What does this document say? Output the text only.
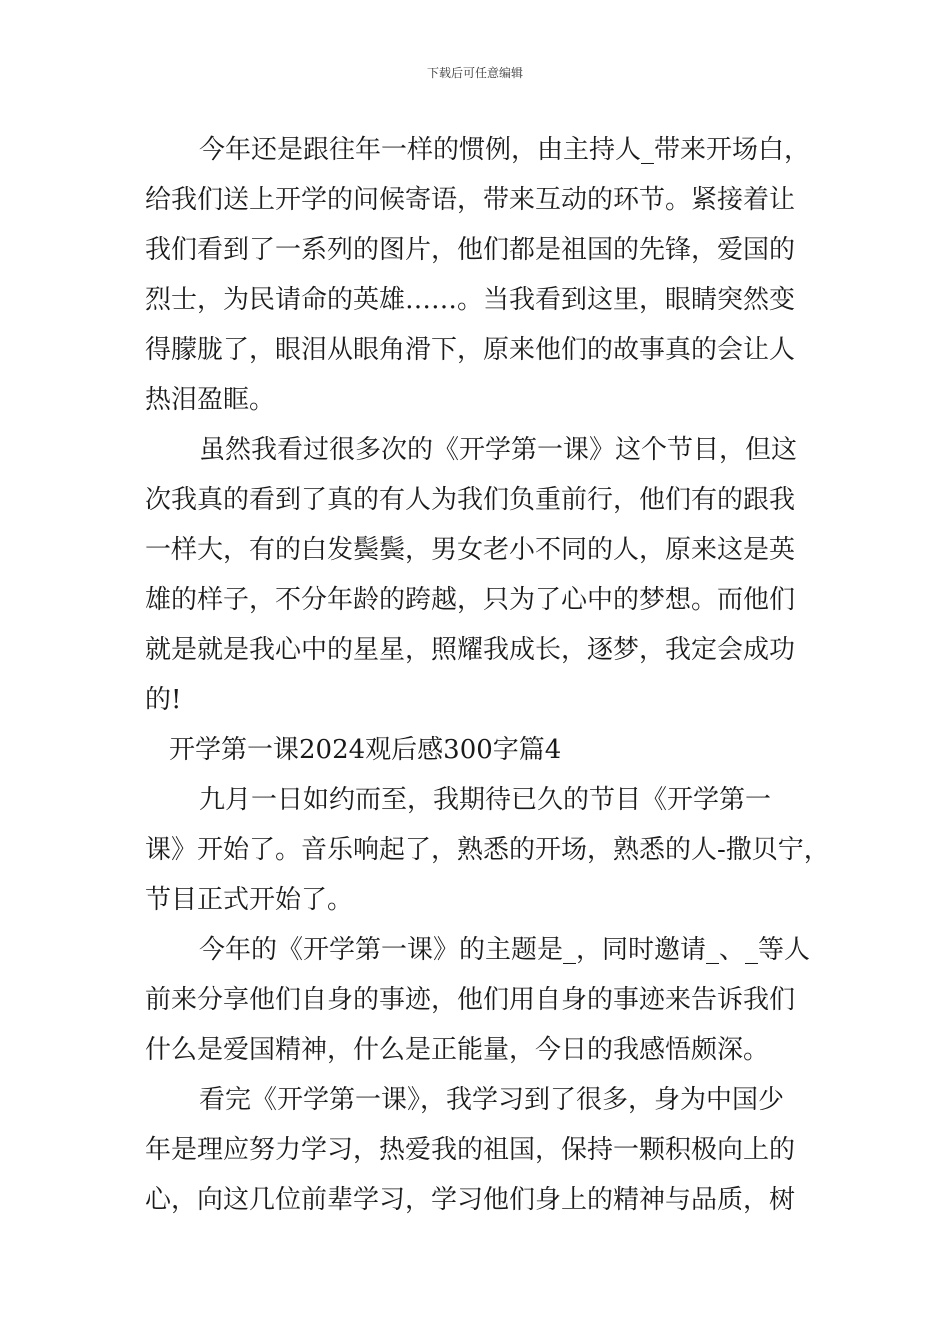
下载后可任意编辑
今年还是跟往年一样的惯例，由主持人_带来开场白，
给我们送上开学的问候寄语，带来互动的环节。紧接着让
我们看到了一系列的图片，他们都是祖国的先锋，爱国的
烈士，为民请命的英雄……。当我看到这里，眼睛突然变
得朦胧了，眼泪从眼角滑下，原来他们的故事真的会让人
热泪盈眶。
虽然我看过很多次的《开学第一课》这个节目，但这
次我真的看到了真的有人为我们负重前行，他们有的跟我
一样大，有的白发鬓鬓，男女老小不同的人，原来这是英
雄的样子，不分年龄的跨越，只为了心中的梦想。而他们
就是就是我心中的星星，照耀我成长，逐梦，我定会成功
的!
开学第一课2024观后感300字篇4
九月一日如约而至，我期待已久的节目《开学第一
课》开始了。音乐响起了，熟悉的开场，熟悉的人-撒贝宁，
节目正式开始了。
今年的《开学第一课》的主题是_，同时邀请_、_等人
前来分享他们自身的事迹，他们用自身的事迹来告诉我们
什么是爱国精神，什么是正能量，今日的我感悟颇深。
看完《开学第一课》，我学习到了很多，身为中国少
年是理应努力学习，热爱我的祖国，保持一颗积极向上的
心，向这几位前辈学习，学习他们身上的精神与品质，树
